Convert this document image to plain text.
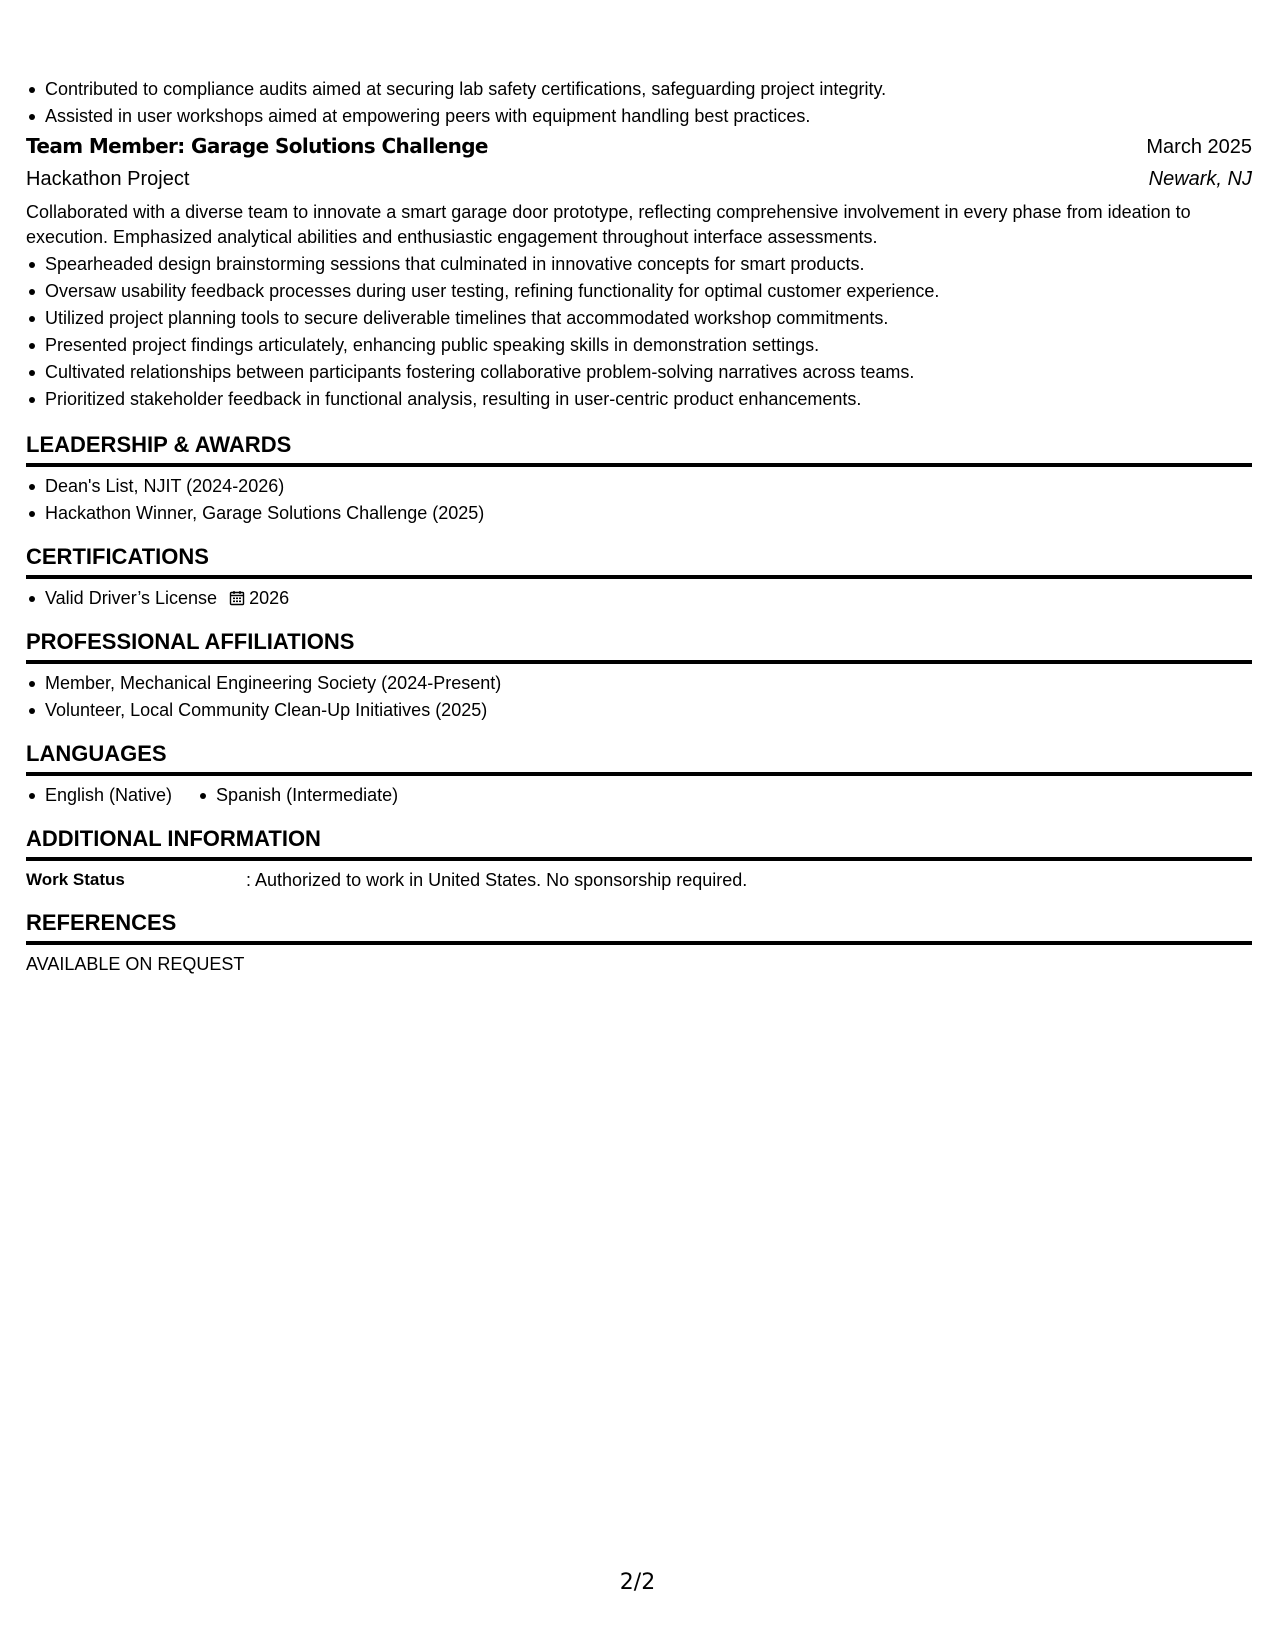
Contributed to compliance audits aimed at securing lab safety certifications, safeguarding project integrity.
Assisted in user workshops aimed at empowering peers with equipment handling best practices.
Team Member: Garage Solutions Challenge	March 2025
Hackathon Project	Newark, NJ
Collaborated with a diverse team to innovate a smart garage door prototype, reflecting comprehensive involvement in every phase from ideation to execution. Emphasized analytical abilities and enthusiastic engagement throughout interface assessments.
Spearheaded design brainstorming sessions that culminated in innovative concepts for smart products.
Oversaw usability feedback processes during user testing, refining functionality for optimal customer experience.
Utilized project planning tools to secure deliverable timelines that accommodated workshop commitments.
Presented project findings articulately, enhancing public speaking skills in demonstration settings.
Cultivated relationships between participants fostering collaborative problem-solving narratives across teams.
Prioritized stakeholder feedback in functional analysis, resulting in user-centric product enhancements.
LEADERSHIP & AWARDS
Dean's List, NJIT (2024-2026)
Hackathon Winner, Garage Solutions Challenge (2025)
CERTIFICATIONS
Valid Driver’s License 2026
PROFESSIONAL AFFILIATIONS
Member, Mechanical Engineering Society (2024-Present)
Volunteer, Local Community Clean-Up Initiatives (2025)
LANGUAGES
English (Native) Spanish (Intermediate)
ADDITIONAL INFORMATION
Work Status	: Authorized to work in United States. No sponsorship required.
REFERENCES
AVAILABLE ON REQUEST
2/2
